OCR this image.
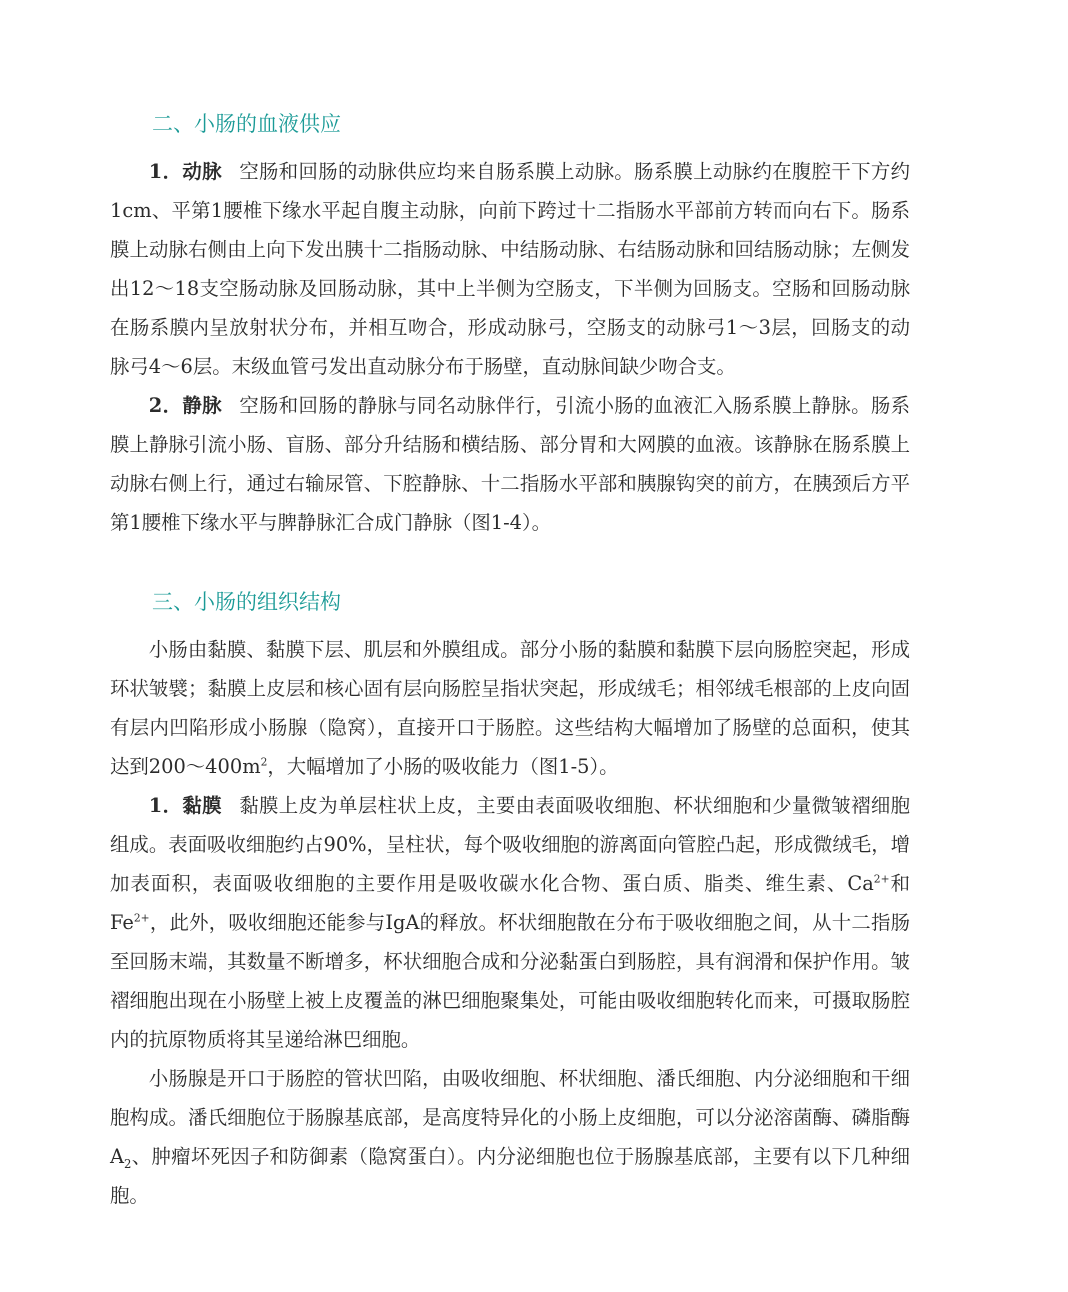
二、小肠的血液供应

1．动脉 空肠和回肠的动脉供应均来自肠系膜上动脉。肠系膜上动脉约在腹腔干下方约1cm、平第1腰椎下缘水平起自腹主动脉，向前下跨过十二指肠水平部前方转而向右下。肠系膜上动脉右侧由上向下发出胰十二指肠动脉、中结肠动脉、右结肠动脉和回结肠动脉；左侧发出12～18支空肠动脉及回肠动脉，其中上半侧为空肠支，下半侧为回肠支。空肠和回肠动脉在肠系膜内呈放射状分布，并相互吻合，形成动脉弓，空肠支的动脉弓1～3层，回肠支的动脉弓4～6层。末级血管弓发出直动脉分布于肠壁，直动脉间缺少吻合支。

2．静脉 空肠和回肠的静脉与同名动脉伴行，引流小肠的血液汇入肠系膜上静脉。肠系膜上静脉引流小肠、盲肠、部分升结肠和横结肠、部分胃和大网膜的血液。该静脉在肠系膜上动脉右侧上行，通过右输尿管、下腔静脉、十二指肠水平部和胰腺钩突的前方，在胰颈后方平第1腰椎下缘水平与脾静脉汇合成门静脉（图1-4）。

三、小肠的组织结构

小肠由黏膜、黏膜下层、肌层和外膜组成。部分小肠的黏膜和黏膜下层向肠腔突起，形成环状皱襞；黏膜上皮层和核心固有层向肠腔呈指状突起，形成绒毛；相邻绒毛根部的上皮向固有层内凹陷形成小肠腺（隐窝），直接开口于肠腔。这些结构大幅增加了肠壁的总面积，使其达到$200\sim 400m^2$，大幅增加了小肠的吸收能力（图1-5）。

1．黏膜 黏膜上皮为单层柱状上皮，主要由表面吸收细胞、杯状细胞和少量微皱褶细胞组成。表面吸收细胞约占90%，呈柱状，每个吸收细胞的游离面向管腔凸起，形成微绒毛，增加表面积，表面吸收细胞的主要作用是吸收碳水化合物、蛋白质、脂类、维生素、$Ca^{2+}$和$Fe^{2+}$，此外，吸收细胞还能参与IgA的释放。杯状细胞散在分布于吸收细胞之间，从十二指肠至回肠末端，其数量不断增多，杯状细胞合成和分泌黏蛋白到肠腔，具有润滑和保护作用。皱褶细胞出现在小肠壁上被上皮覆盖的淋巴细胞聚集处，可能由吸收细胞转化而来，可摄取肠腔内的抗原物质将其呈递给淋巴细胞。

小肠腺是开口于肠腔的管状凹陷，由吸收细胞、杯状细胞、潘氏细胞、内分泌细胞和干细胞构成。潘氏细胞位于肠腺基底部，是高度特异化的小肠上皮细胞，可以分泌溶菌酶、磷脂酶$A_2$、肿瘤坏死因子和防御素（隐窝蛋白）。内分泌细胞也位于肠腺基底部，主要有以下几种细胞。
